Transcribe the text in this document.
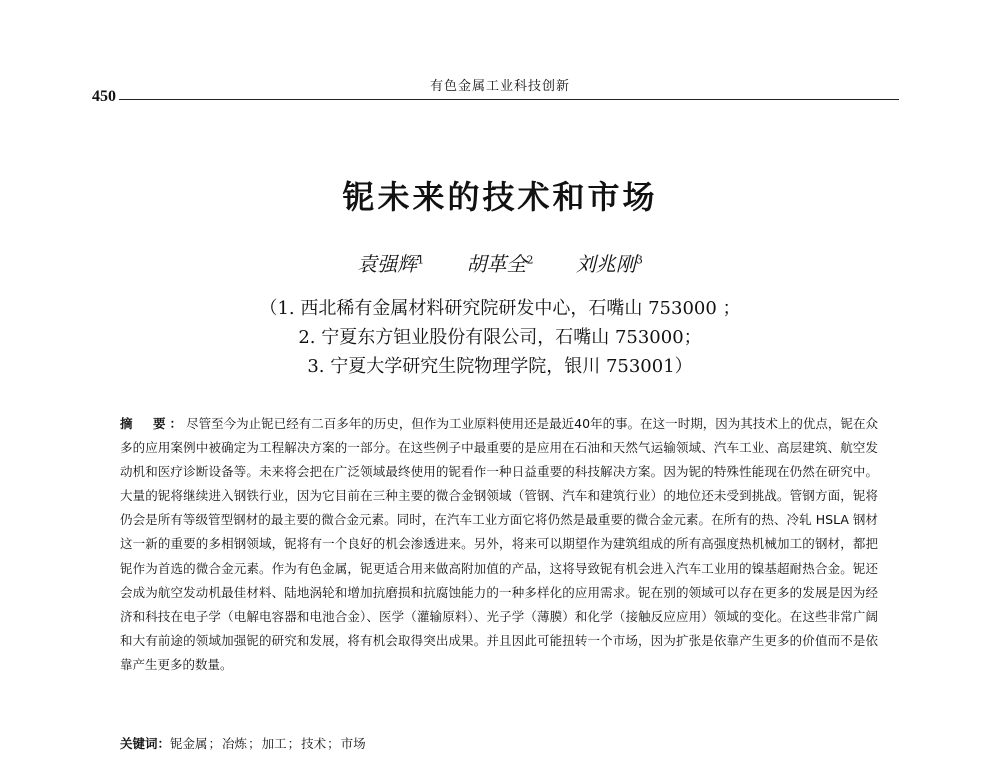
有色金属工业科技创新
450
铌未来的技术和市场
袁强辉$^1$ 胡革全$^2$ 刘兆刚$^3$
（1. 西北稀有金属材料研究院研发中心，石嘴山 753000 ；
2. 宁夏东方钽业股份有限公司，石嘴山 753000；
3. 宁夏大学研究生院物理学院，银川 753001）
摘　要：尽管至今为止铌已经有二百多年的历史，但作为工业原料使用还是最近40年的事。在这一时期，因为其技术上的优点，铌在众多的应用案例中被确定为工程解决方案的一部分。在这些例子中最重要的是应用在石油和天然气运输领域、汽车工业、高层建筑、航空发动机和医疗诊断设备等。未来将会把在广泛领域最终使用的铌看作一种日益重要的科技解决方案。因为铌的特殊性能现在仍然在研究中。大量的铌将继续进入钢铁行业，因为它目前在三种主要的微合金钢领域（管钢、汽车和建筑行业）的地位还未受到挑战。管钢方面，铌将仍会是所有等级管型钢材的最主要的微合金元素。同时，在汽车工业方面它将仍然是最重要的微合金元素。在所有的热、冷轧 HSLA 钢材这一新的重要的多相钢领域，铌将有一个良好的机会渗透进来。另外，将来可以期望作为建筑组成的所有高强度热机械加工的钢材，都把铌作为首选的微合金元素。作为有色金属，铌更适合用来做高附加值的产品，这将导致铌有机会进入汽车工业用的镍基超耐热合金。铌还会成为航空发动机最佳材料、陆地涡轮和增加抗磨损和抗腐蚀能力的一种多样化的应用需求。铌在别的领域可以存在更多的发展是因为经济和科技在电子学（电解电容器和电池合金）、医学（灌输原料）、光子学（薄膜）和化学（接触反应应用）领域的变化。在这些非常广阔和大有前途的领域加强铌的研究和发展，将有机会取得突出成果。并且因此可能扭转一个市场，因为扩张是依靠产生更多的价值而不是依靠产生更多的数量。
关键词：铌金属；冶炼；加工；技术；市场
